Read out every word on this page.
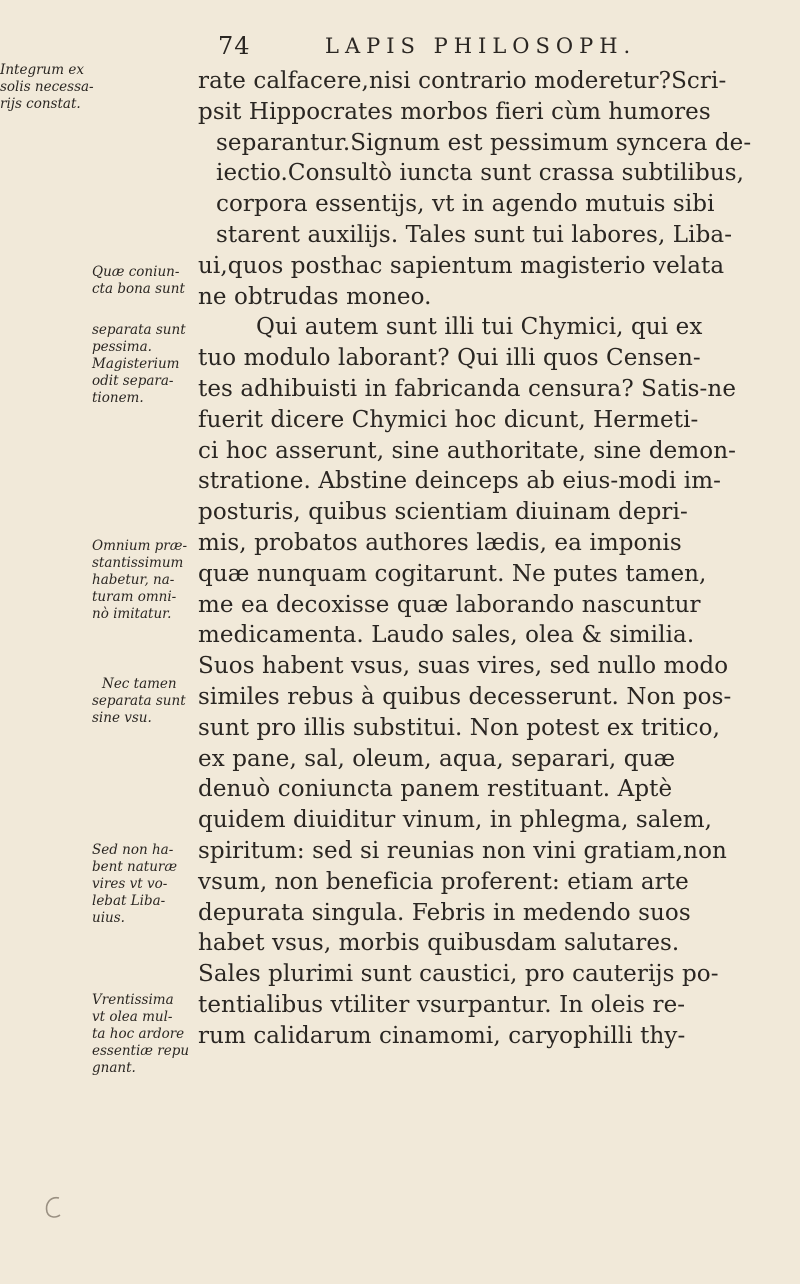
74	LAPIS PHILOSOPH.
rate calfacere,nisi contrario moderetur?Scri-
psit Hippocrates morbos fieri cùm humores
separantur.Signum est pessimum syncera de-
iectio.Consultò iuncta sunt crassa subtilibus,
corpora essentijs, vt in agendo mutuis sibi
starent auxilijs. Tales sunt tui labores, Liba-
ui,quos posthac sapientum magisterio velata
ne obtrudas moneo.
Qui autem sunt illi tui Chymici, qui ex
tuo modulo laborant? Qui illi quos Censen-
tes adhibuisti in fabricanda censura? Satis-ne
fuerit dicere Chymici hoc dicunt, Hermeti-
ci hoc asserunt, sine authoritate, sine demon-
stratione. Abstine deinceps ab eius-modi im-
posturis, quibus scientiam diuinam depri-
mis, probatos authores lædis, ea imponis
quæ nunquam cogitarunt. Ne putes tamen,
me ea decoxisse quæ laborando nascuntur
medicamenta. Laudo sales, olea & similia.
Suos habent vsus, suas vires, sed nullo modo
similes rebus à quibus decesserunt. Non pos-
sunt pro illis substitui. Non potest ex tritico,
ex pane, sal, oleum, aqua, separari, quæ
denuò coniuncta panem restituant. Aptè
quidem diuiditur vinum, in phlegma, salem,
spiritum: sed si reunias non vini gratiam,non
vsum, non beneficia proferent: etiam arte
depurata singula. Febris in medendo suos
habet vsus, morbis quibusdam salutares.
Sales plurimi sunt caustici, pro cauterijs po-
tentialibus vtiliter vsurpantur. In oleis re-
rum calidarum cinamomi, caryophilli thy-
Integrum ex
solis necessa-
rijs constat.
Quæ coniun-
cta bona sunt
separata sunt
pessima.
Magisterium
odit separa-
tionem.
Omnium præ-
stantissimum
habetur, na-
turam omni-
nò imitatur.
Nec tamen
separata sunt
sine vsu.
Sed non ha-
bent naturæ
vires vt vo-
lebat Liba-
uius.
Vrentissima
vt olea mul-
ta hoc ardore
essentiæ repu
gnant.
